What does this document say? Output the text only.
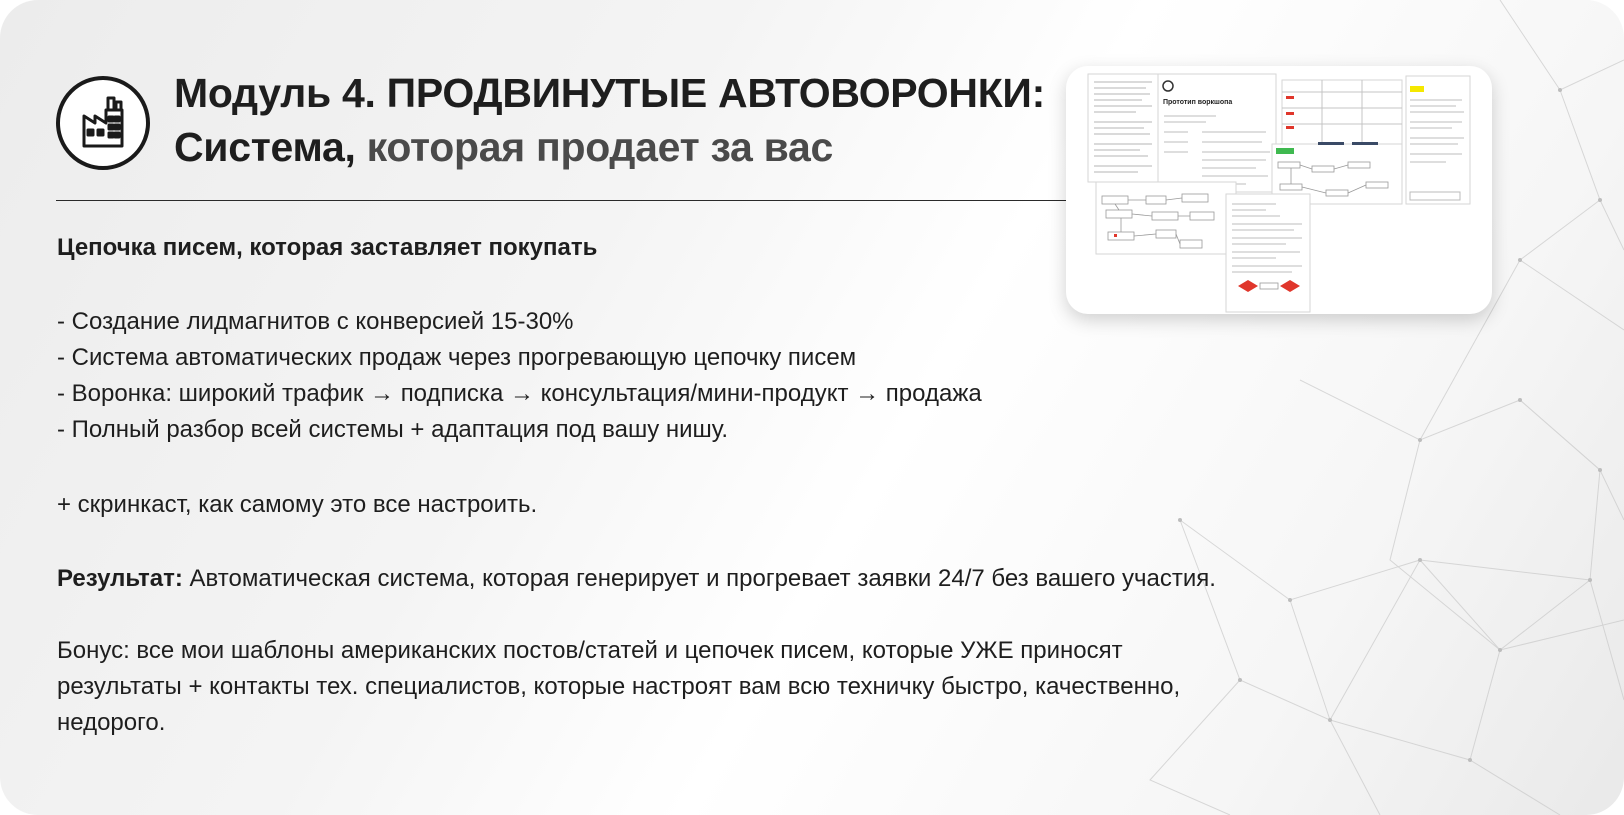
Модуль 4. ПРОДВИНУТЫЕ АВТОВОРОНКИ:
Система, которая продает за вас
Цепочка писем, которая заставляет покупать
- Создание лидмагнитов с конверсией 15-30%
- Система автоматических продаж через прогревающую цепочку писем
- Воронка: широкий трафик → подписка → консультация/мини-продукт → продажа
- Полный разбор всей системы + адаптация под вашу нишу.
+ скринкаст, как самому это все настроить.
Результат: Автоматическая система, которая генерирует и прогревает заявки 24/7 без вашего участия.
Бонус: все мои шаблоны американских постов/статей и цепочек писем, которые УЖЕ приносят
результаты + контакты тех. специалистов, которые настроят вам всю техничку быстро, качественно,
недорого.
Прототип воркшопа
